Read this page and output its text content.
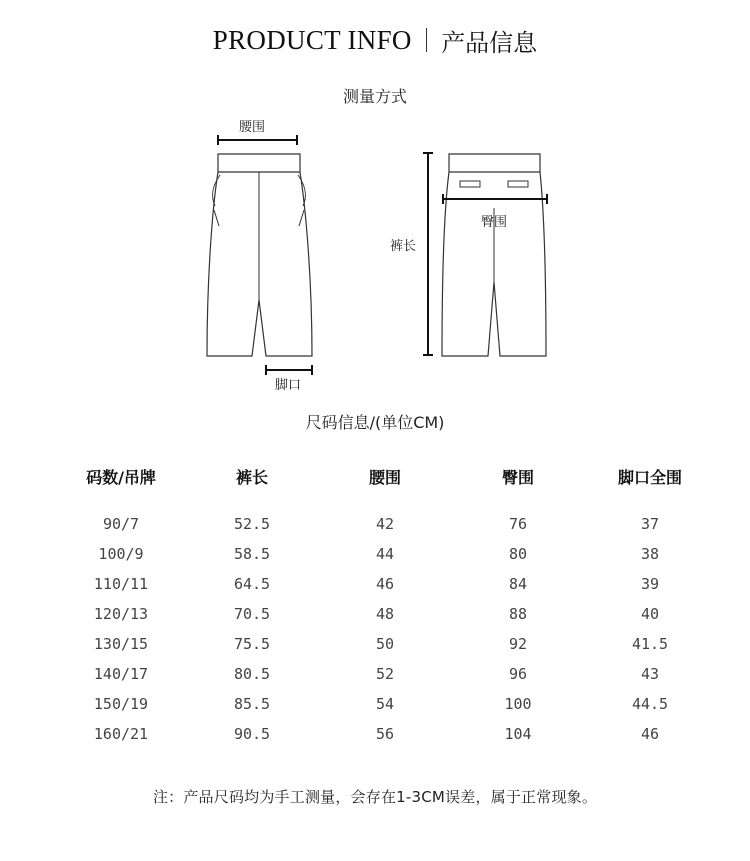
PRODUCT INFO 产品信息
测量方式
腰围
裤长
臀围
脚口
尺码信息/(单位CM)
码数/吊牌	裤长	腰围	臀围	脚口全围
90/7	52.5	42	76	37
100/9	58.5	44	80	38
110/11	64.5	46	84	39
120/13	70.5	48	88	40
130/15	75.5	50	92	41.5
140/17	80.5	52	96	43
150/19	85.5	54	100	44.5
160/21	90.5	56	104	46
注：产品尺码均为手工测量，会存在1-3CM误差，属于正常现象。
